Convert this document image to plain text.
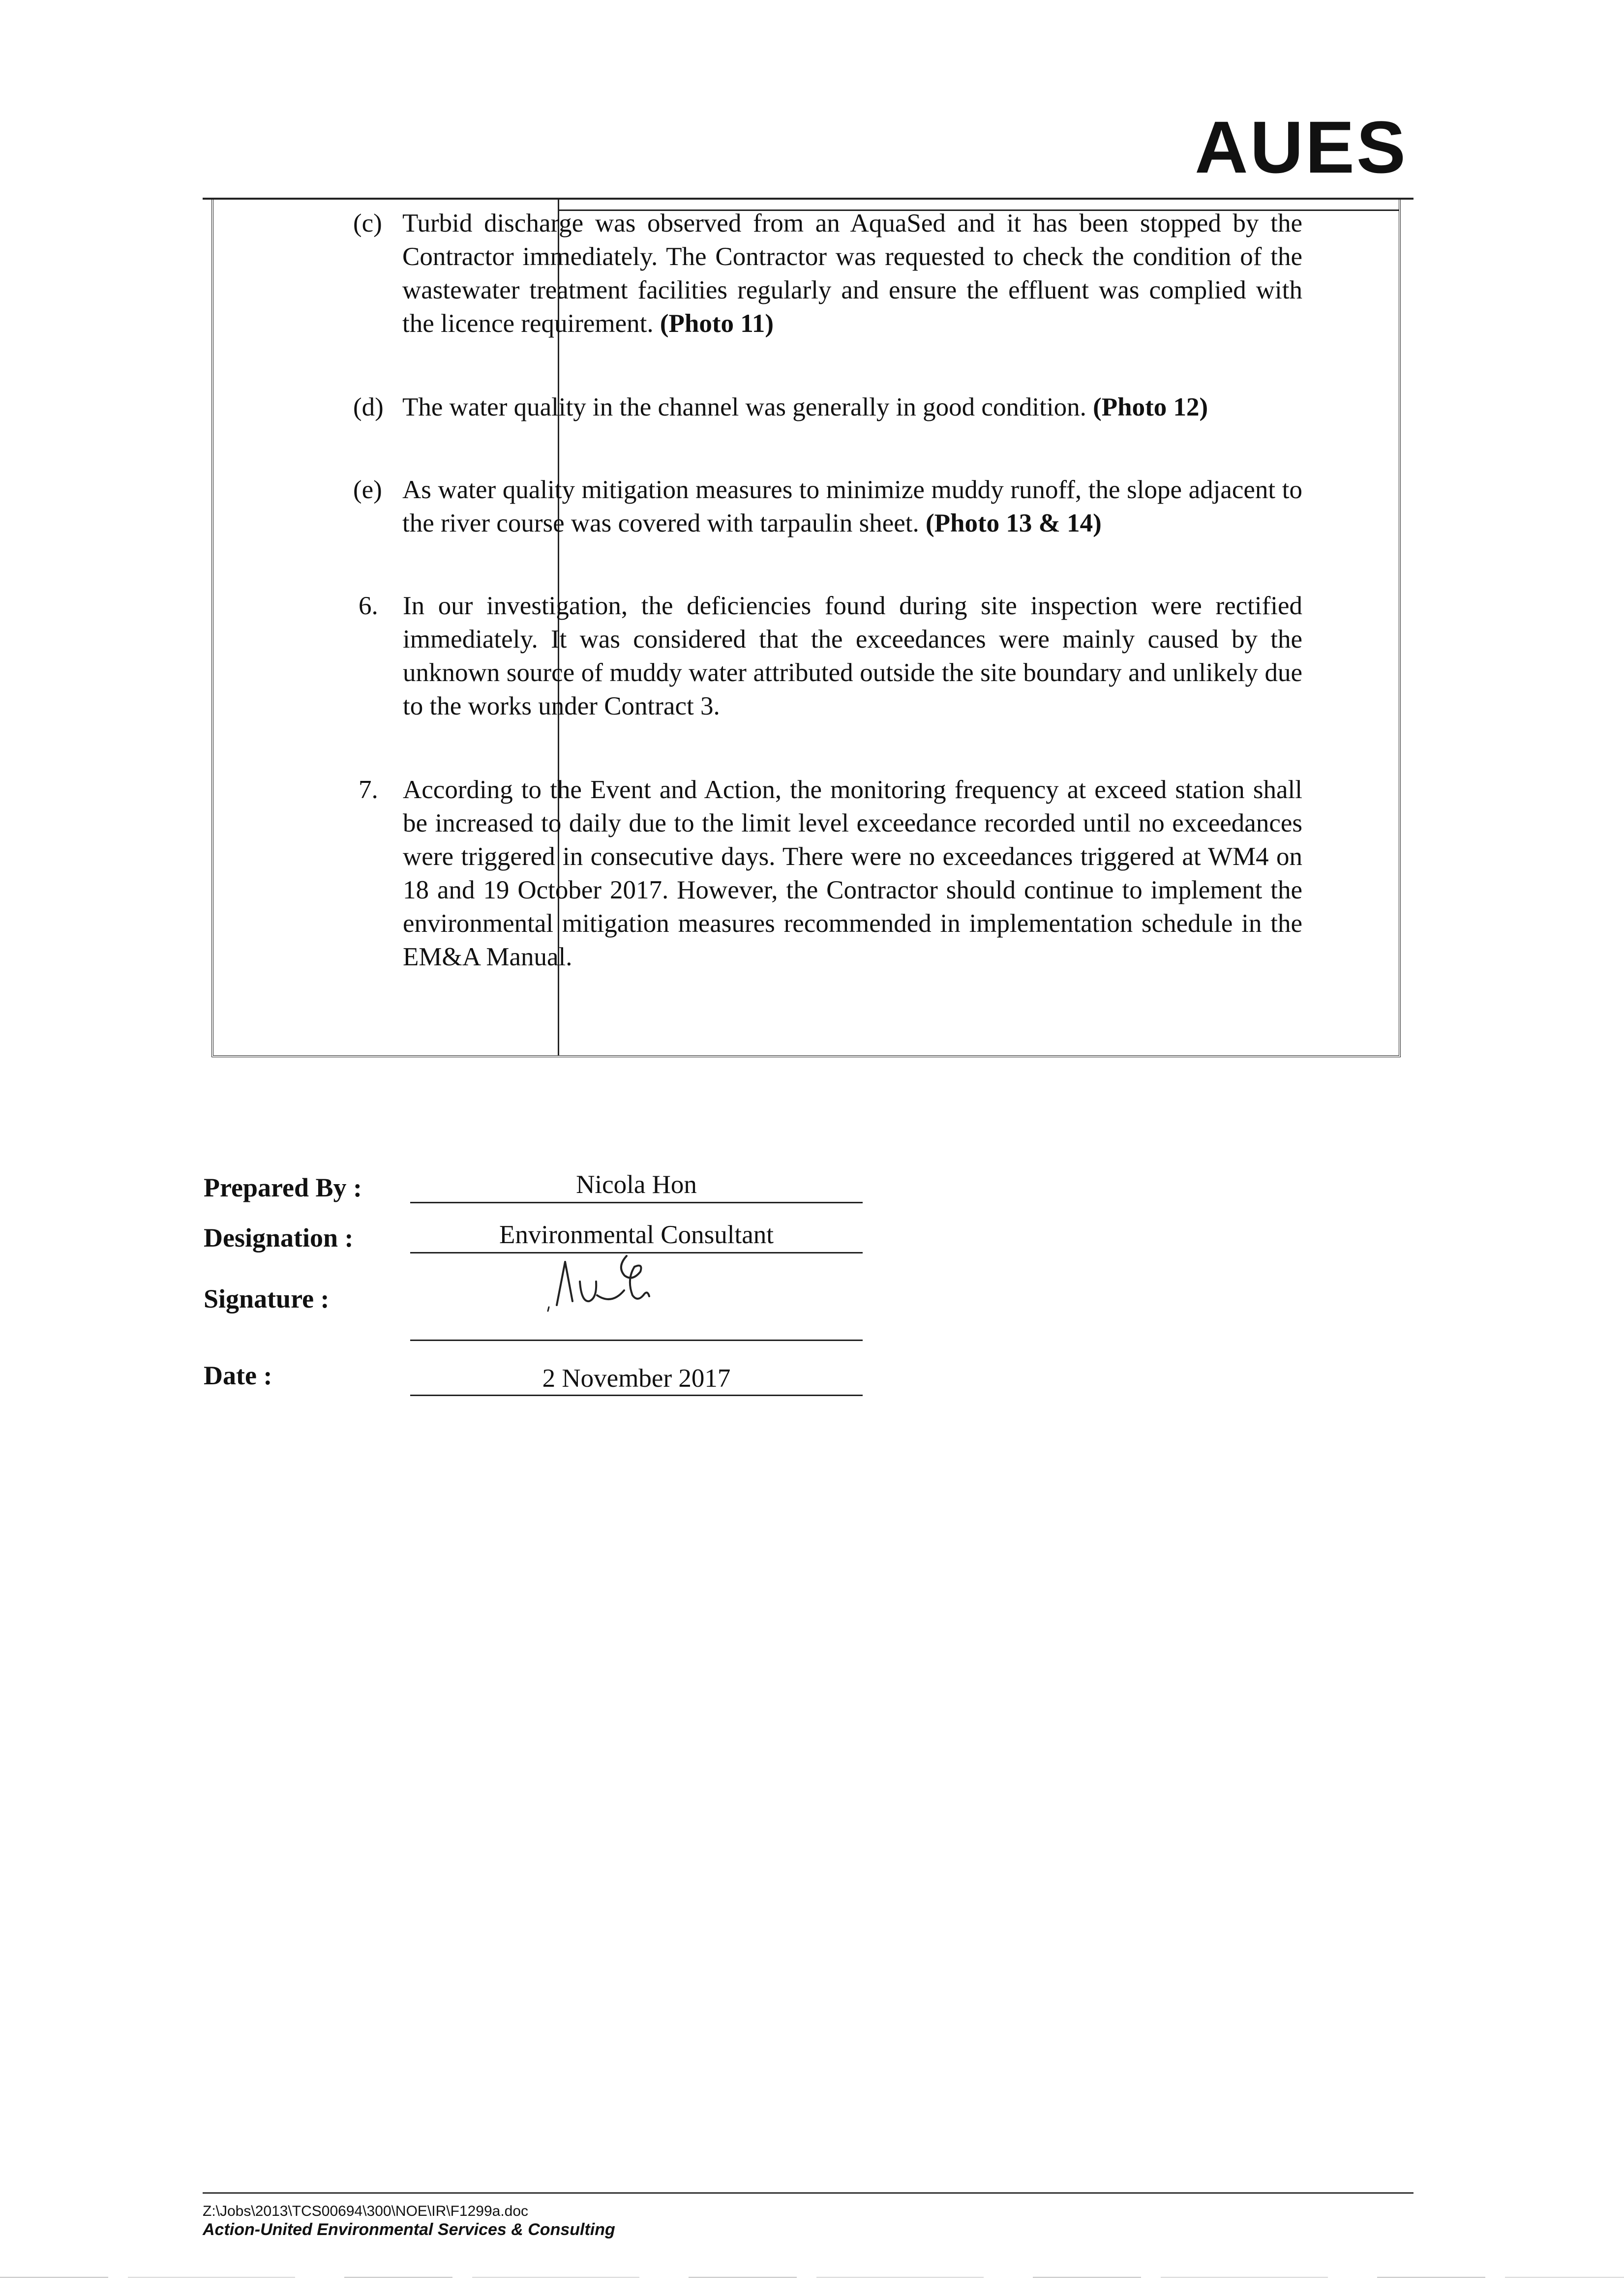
AUES
(c) Turbid discharge was observed from an AquaSed and it has been stopped by the Contractor immediately. The Contractor was requested to check the condition of the wastewater treatment facilities regularly and ensure the effluent was complied with the licence requirement. (Photo 11)
(d) The water quality in the channel was generally in good condition. (Photo 12)
(e) As water quality mitigation measures to minimize muddy runoff, the slope adjacent to the river course was covered with tarpaulin sheet. (Photo 13 & 14)
6. In our investigation, the deficiencies found during site inspection were rectified immediately. It was considered that the exceedances were mainly caused by the unknown source of muddy water attributed outside the site boundary and unlikely due to the works under Contract 3.
7. According to the Event and Action, the monitoring frequency at exceed station shall be increased to daily due to the limit level exceedance recorded until no exceedances were triggered in consecutive days. There were no exceedances triggered at WM4 on 18 and 19 October 2017. However, the Contractor should continue to implement the environmental mitigation measures recommended in implementation schedule in the EM&A Manual.
Prepared By :	Nicola Hon
Designation :	Environmental Consultant
Signature :
Date :	2 November 2017
Z:\Jobs\2013\TCS00694\300\NOE\IR\F1299a.doc
Action-United Environmental Services & Consulting
